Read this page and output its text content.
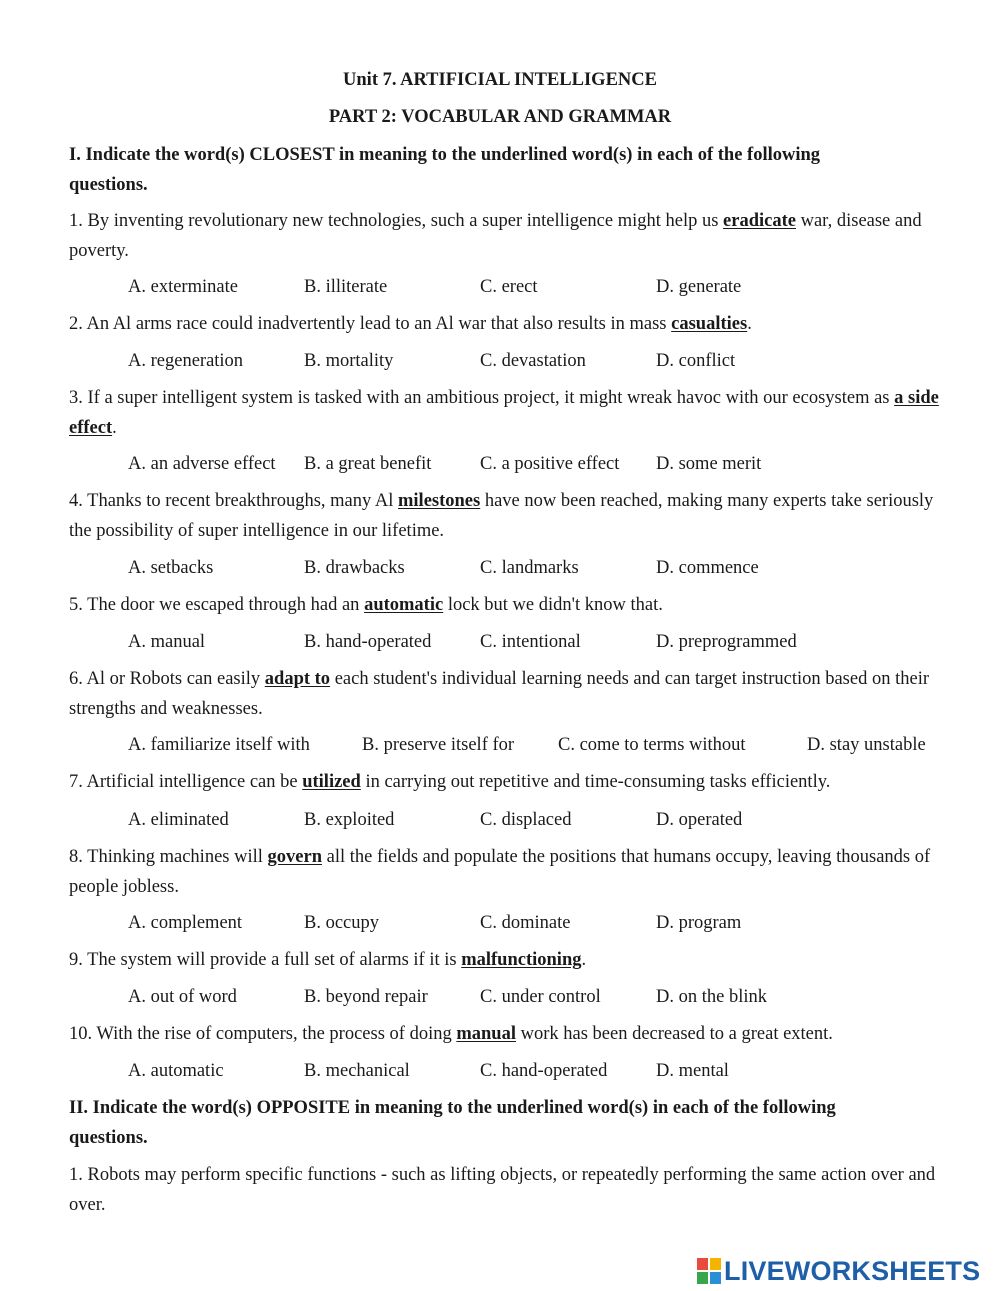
Unit 7. ARTIFICIAL INTELLIGENCE
PART 2: VOCABULAR AND GRAMMAR
I. Indicate the word(s) CLOSEST in meaning to the underlined word(s) in each of the following
questions.
1. By inventing revolutionary new technologies, such a super intelligence might help us eradicate war, disease and poverty.
A. exterminate	B. illiterate	C. erect	D. generate
2. An Al arms race could inadvertently lead to an Al war that also results in mass casualties.
A. regeneration	B. mortality	C. devastation	D. conflict
3. If a super intelligent system is tasked with an ambitious project, it might wreak havoc with our ecosystem as a side effect.
A. an adverse effect B. a great benefit	C. a positive effect D. some merit
4. Thanks to recent breakthroughs, many Al milestones have now been reached, making many experts take seriously the possibility of super intelligence in our lifetime.
A. setbacks	B. drawbacks	C. landmarks	D. commence
5. The door we escaped through had an automatic lock but we didn't know that.
A. manual	B. hand-operated	C. intentional	D. preprogrammed
6. Al or Robots can easily adapt to each student's individual learning needs and can target instruction based on their strengths and weaknesses.
A. familiarize itself with	B. preserve itself for C. come to terms without	D. stay unstable
7. Artificial intelligence can be utilized in carrying out repetitive and time-consuming tasks efficiently.
A. eliminated	B. exploited	C. displaced	D. operated
8. Thinking machines will govern all the fields and populate the positions that humans occupy, leaving thousands of people jobless.
A. complement	B. occupy	C. dominate	D. program
9. The system will provide a full set of alarms if it is malfunctioning.
A. out of word	B. beyond repair	C. under control	D. on the blink
10. With the rise of computers, the process of doing manual work has been decreased to a great extent.
A. automatic	B. mechanical	C. hand-operated	D. mental
II. Indicate the word(s) OPPOSITE in meaning to the underlined word(s) in each of the following
questions.
1. Robots may perform specific functions - such as lifting objects, or repeatedly performing the same action over and over.
LIVEWORKSHEETS
